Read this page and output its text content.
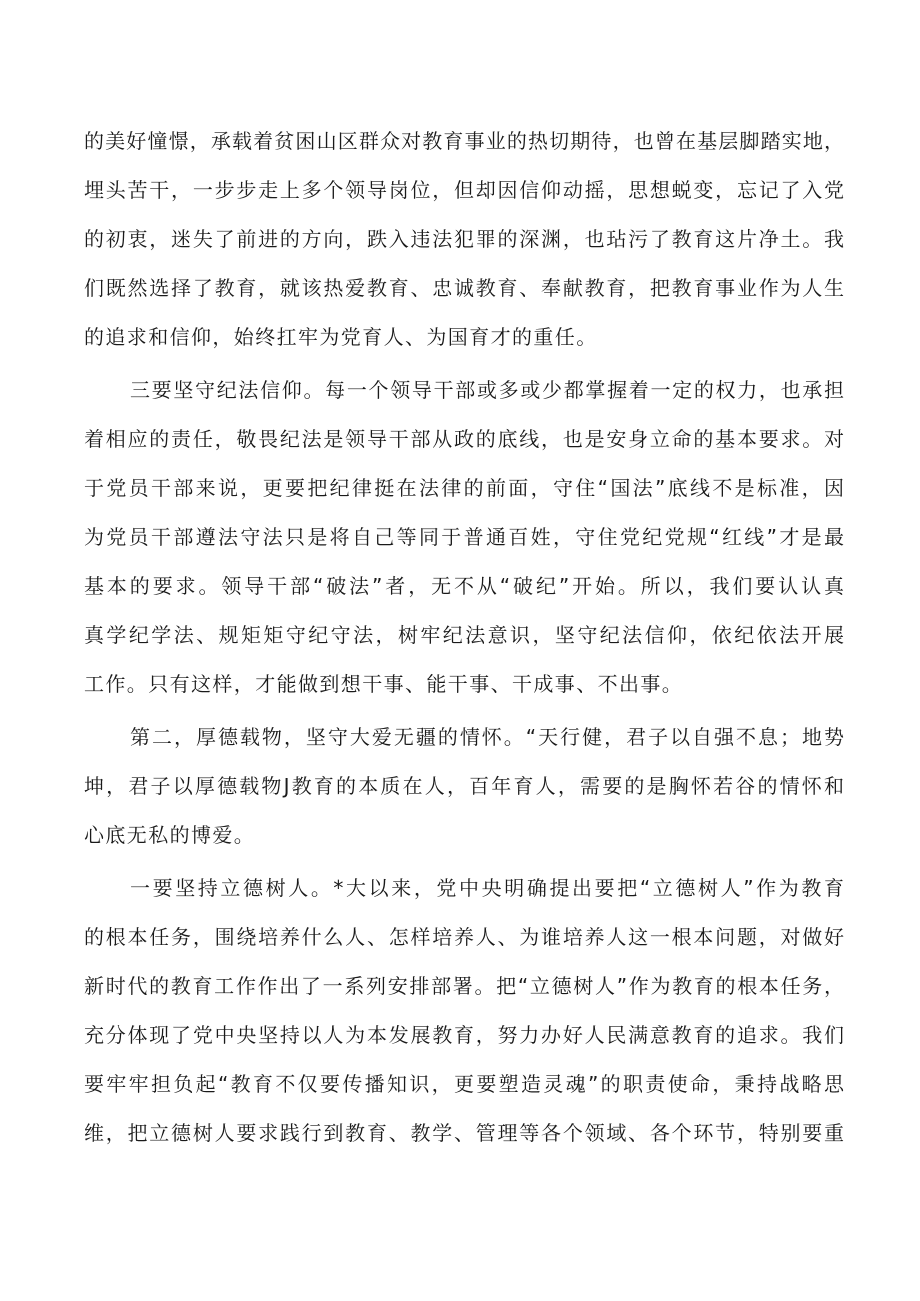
的美好憧憬，承载着贫困山区群众对教育事业的热切期待，也曾在基层脚踏实地，
埋头苦干，一步步走上多个领导岗位，但却因信仰动摇，思想蜕变，忘记了入党
的初衷，迷失了前进的方向，跌入违法犯罪的深渊，也玷污了教育这片净土。我
们既然选择了教育，就该热爱教育、忠诚教育、奉献教育，把教育事业作为人生
的追求和信仰，始终扛牢为党育人、为国育才的重任。
三要坚守纪法信仰。每一个领导干部或多或少都掌握着一定的权力，也承担
着相应的责任，敬畏纪法是领导干部从政的底线，也是安身立命的基本要求。对
于党员干部来说，更要把纪律挺在法律的前面，守住“国法”底线不是标准，因
为党员干部遵法守法只是将自己等同于普通百姓，守住党纪党规“红线”才是最
基本的要求。领导干部“破法”者，无不从“破纪”开始。所以，我们要认认真
真学纪学法、规矩矩守纪守法，树牢纪法意识，坚守纪法信仰，依纪依法开展
工作。只有这样，才能做到想干事、能干事、干成事、不出事。
第二，厚德载物，坚守大爱无疆的情怀。“天行健，君子以自强不息；地势
坤，君子以厚德载物J教育的本质在人，百年育人，需要的是胸怀若谷的情怀和
心底无私的博爱。
一要坚持立德树人。*大以来，党中央明确提出要把“立德树人”作为教育
的根本任务，围绕培养什么人、怎样培养人、为谁培养人这一根本问题，对做好
新时代的教育工作作出了一系列安排部署。把“立德树人”作为教育的根本任务，
充分体现了党中央坚持以人为本发展教育，努力办好人民满意教育的追求。我们
要牢牢担负起“教育不仅要传播知识，更要塑造灵魂”的职责使命，秉持战略思
维，把立德树人要求践行到教育、教学、管理等各个领域、各个环节，特别要重
